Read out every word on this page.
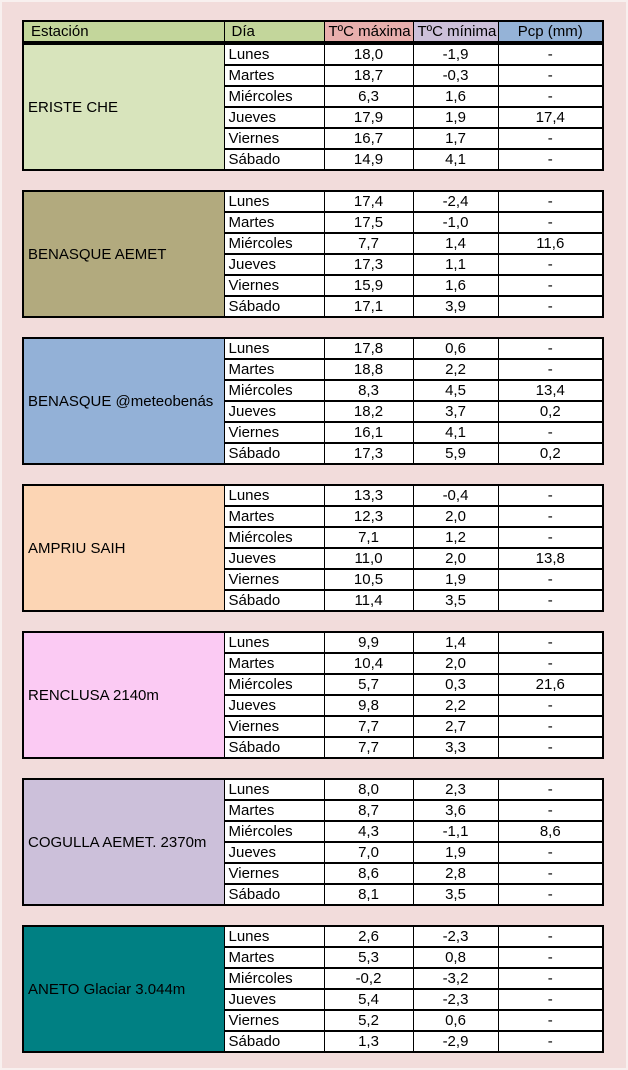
Estación	Día	TºC máxima	TºC mínima	Pcp (mm)
ERISTE CHE	Lunes	18,0	-1,9	-
	Martes	18,7	-0,3	-
	Miércoles	6,3	1,6	-
	Jueves	17,9	1,9	17,4
	Viernes	16,7	1,7	-
	Sábado	14,9	4,1	-
BENASQUE AEMET	Lunes	17,4	-2,4	-
	Martes	17,5	-1,0	-
	Miércoles	7,7	1,4	11,6
	Jueves	17,3	1,1	-
	Viernes	15,9	1,6	-
	Sábado	17,1	3,9	-
BENASQUE @meteobenás	Lunes	17,8	0,6	-
	Martes	18,8	2,2	-
	Miércoles	8,3	4,5	13,4
	Jueves	18,2	3,7	0,2
	Viernes	16,1	4,1	-
	Sábado	17,3	5,9	0,2
AMPRIU SAIH	Lunes	13,3	-0,4	-
	Martes	12,3	2,0	-
	Miércoles	7,1	1,2	-
	Jueves	11,0	2,0	13,8
	Viernes	10,5	1,9	-
	Sábado	11,4	3,5	-
RENCLUSA 2140m	Lunes	9,9	1,4	-
	Martes	10,4	2,0	-
	Miércoles	5,7	0,3	21,6
	Jueves	9,8	2,2	-
	Viernes	7,7	2,7	-
	Sábado	7,7	3,3	-
COGULLA AEMET. 2370m	Lunes	8,0	2,3	-
	Martes	8,7	3,6	-
	Miércoles	4,3	-1,1	8,6
	Jueves	7,0	1,9	-
	Viernes	8,6	2,8	-
	Sábado	8,1	3,5	-
ANETO Glaciar 3.044m	Lunes	2,6	-2,3	-
	Martes	5,3	0,8	-
	Miércoles	-0,2	-3,2	-
	Jueves	5,4	-2,3	-
	Viernes	5,2	0,6	-
	Sábado	1,3	-2,9	-
